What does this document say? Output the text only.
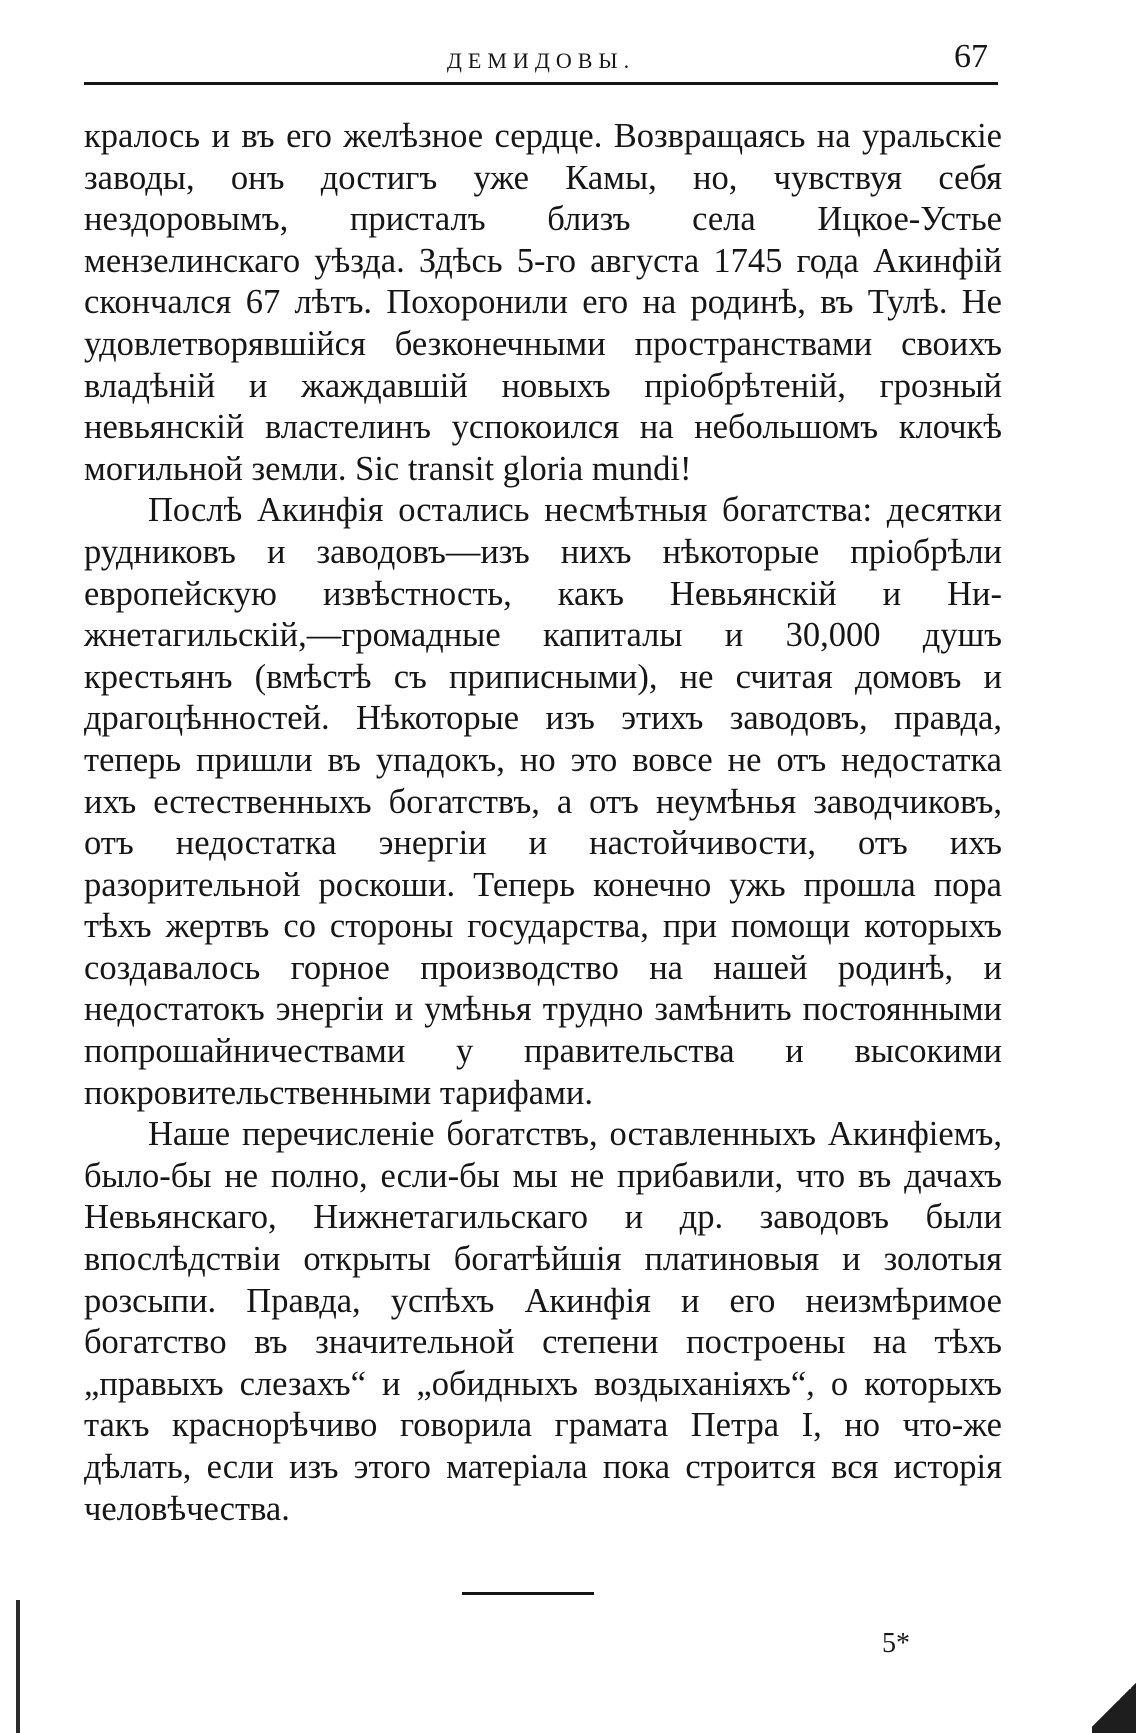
ДЕМИДОВЫ.	67

кралось и въ его желѣзное сердце. Возвращаясь на уральскіе заводы, онъ достигъ уже Камы, но, чувствуя себя нездоровымъ, присталъ близъ села Ицкое-Устье мензелинскаго уѣзда. Здѣсь 5-го августа 1745 года Акинфій скончался 67 лѣтъ. Похоронили его на родинѣ, въ Тулѣ. Не удовлетворявшійся безконечными пространствами своихъ владѣній и жаждавшій новыхъ пріобрѣтеній, грозный невьянскій властелинъ успокоился на небольшомъ клочкѣ могильной земли. Sic transit gloria mundi!

Послѣ Акинфія остались несмѣтныя богатства: десятки рудниковъ и заводовъ—изъ нихъ нѣкоторые пріобрѣли европейскую извѣстность, какъ Невьянскій и Нижнетагильскій,—громадные капиталы и 30,000 душъ крестьянъ (вмѣстѣ съ приписными), не считая домовъ и драгоцѣнностей. Нѣкоторые изъ этихъ заводовъ, правда, теперь пришли въ упадокъ, но это вовсе не отъ недостатка ихъ естественныхъ богатствъ, а отъ неумѣнья заводчиковъ, отъ недостатка энергіи и настойчивости, отъ ихъ разорительной роскоши. Теперь конечно ужь прошла пора тѣхъ жертвъ со стороны государства, при помощи которыхъ создавалось горное производство на нашей родинѣ, и недостатокъ энергіи и умѣнья трудно замѣнить постоянными попрошайничествами у правительства и высокими покровительственными тарифами.

Наше перечисленіе богатствъ, оставленныхъ Акинфіемъ, было-бы не полно, если-бы мы не прибавили, что въ дачахъ Невьянскаго, Нижнетагильскаго и др. заводовъ были впослѣдствіи открыты богатѣйшія платиновыя и золотыя розсыпи. Правда, успѣхъ Акинфія и его неизмѣримое богатство въ значительной степени построены на тѣхъ „правыхъ слезахъ“ и „обидныхъ воздыханіяхъ“, о которыхъ такъ краснорѣчиво говорила грамата Петра I, но что-же дѣлать, если изъ этого матеріала пока строится вся исторія человѣчества.

5*
